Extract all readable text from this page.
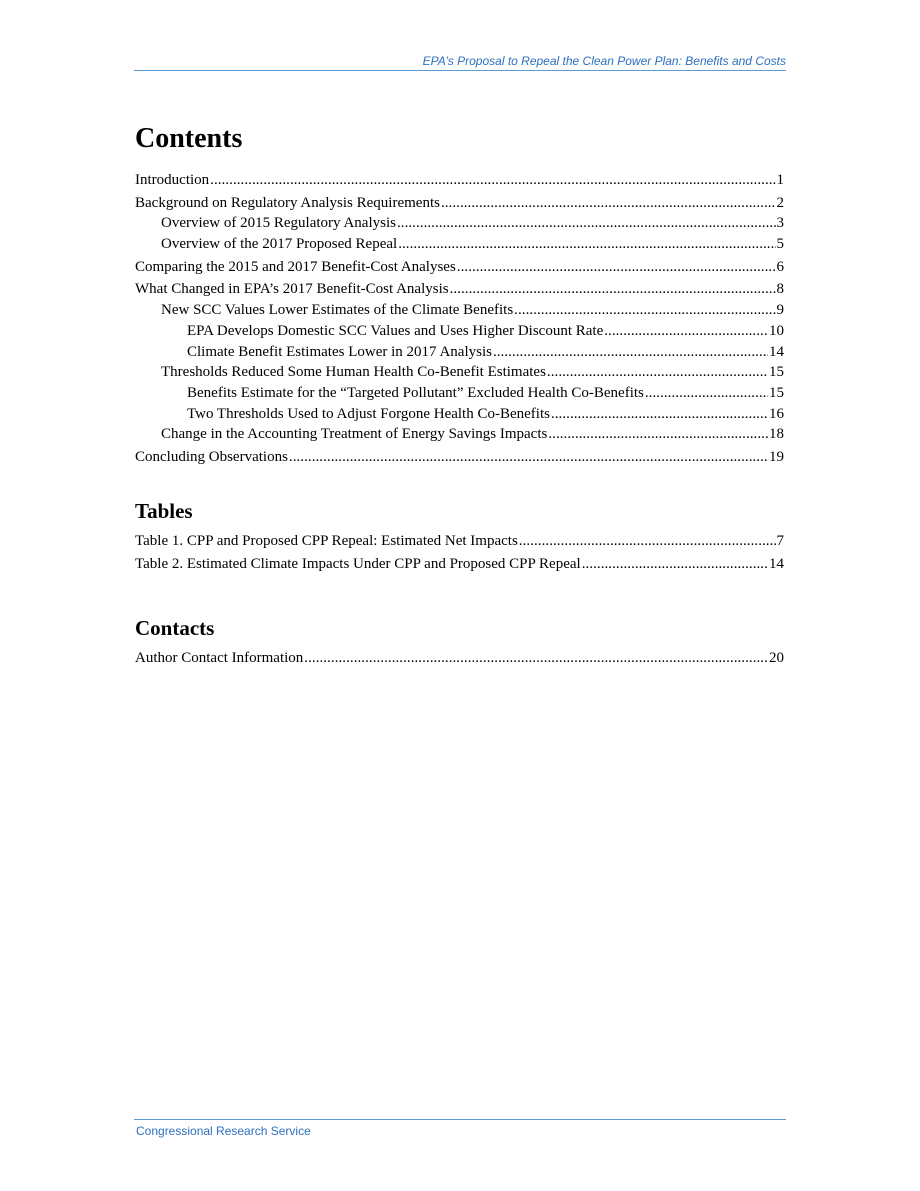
EPA’s Proposal to Repeal the Clean Power Plan: Benefits and Costs
Contents
Introduction . . .	1
Background on Regulatory Analysis Requirements . . .	2
Overview of 2015 Regulatory Analysis . . .	3
Overview of the 2017 Proposed Repeal . . .	5
Comparing the 2015 and 2017 Benefit-Cost Analyses . . .	6
What Changed in EPA’s 2017 Benefit-Cost Analysis . . .	8
New SCC Values Lower Estimates of the Climate Benefits . . .	9
EPA Develops Domestic SCC Values and Uses Higher Discount Rate . . .	10
Climate Benefit Estimates Lower in 2017 Analysis . . .	14
Thresholds Reduced Some Human Health Co-Benefit Estimates . . .	15
Benefits Estimate for the “Targeted Pollutant” Excluded Health Co-Benefits . . .	15
Two Thresholds Used to Adjust Forgone Health Co-Benefits . . .	16
Change in the Accounting Treatment of Energy Savings Impacts . . .	18
Concluding Observations . . .	19
Tables
Table 1. CPP and Proposed CPP Repeal: Estimated Net Impacts . . .	7
Table 2. Estimated Climate Impacts Under CPP and Proposed CPP Repeal . . .	14
Contacts
Author Contact Information . . .	20
Congressional Research Service
